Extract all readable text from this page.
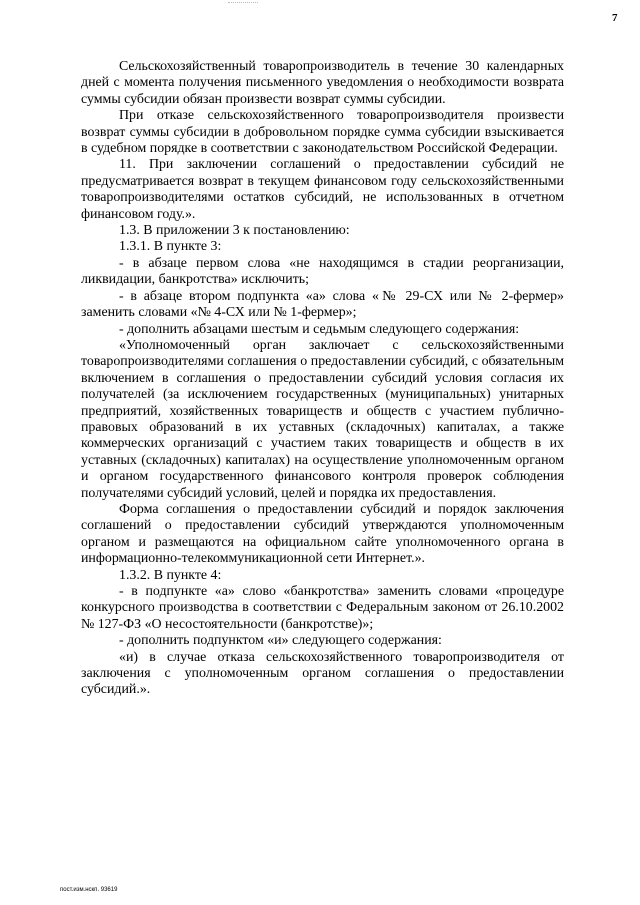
7

Сельскохозяйственный товаропроизводитель в течение 30 календарных дней с момента получения письменного уведомления о необходимости возврата суммы субсидии обязан произвести возврат суммы субсидии.

При отказе сельскохозяйственного товаропроизводителя произвести возврат суммы субсидии в добровольном порядке сумма субсидии взыскивается в судебном порядке в соответствии с законодательством Российской Федерации.

11. При заключении соглашений о предоставлении субсидий не предусматривается возврат в текущем финансовом году сельскохозяйственными товаропроизводителями остатков субсидий, не использованных в отчетном финансовом году.».

1.3. В приложении 3 к постановлению:

1.3.1. В пункте 3:

- в абзаце первом слова «не находящимся в стадии реорганизации, ликвидации, банкротства» исключить;

- в абзаце втором подпункта «а» слова «№ 29-СХ или № 2-фермер» заменить словами «№ 4-СХ или № 1-фермер»;

- дополнить абзацами шестым и седьмым следующего содержания:

«Уполномоченный орган заключает с сельскохозяйственными товаропроизводителями соглашения о предоставлении субсидий, с обязательным включением в соглашения о предоставлении субсидий условия согласия их получателей (за исключением государственных (муниципальных) унитарных предприятий, хозяйственных товариществ и обществ с участием публично-правовых образований в их уставных (складочных) капиталах, а также коммерческих организаций с участием таких товариществ и обществ в их уставных (складочных) капиталах) на осуществление уполномоченным органом и органом государственного финансового контроля проверок соблюдения получателями субсидий условий, целей и порядка их предоставления.

Форма соглашения о предоставлении субсидий и порядок заключения соглашений о предоставлении субсидий утверждаются уполномоченным органом и размещаются на официальном сайте уполномоченного органа в информационно-телекоммуникационной сети Интернет.».

1.3.2. В пункте 4:

- в подпункте «а» слово «банкротства» заменить словами «процедуре конкурсного производства в соответствии с Федеральным законом от 26.10.2002 № 127-ФЗ «О несостоятельности (банкротстве)»;

- дополнить подпунктом «и» следующего содержания:

«и) в случае отказа сельскохозяйственного товаропроизводителя от заключения с уполномоченным органом соглашения о предоставлении субсидий.».

пост.изм.нскп. 93619
